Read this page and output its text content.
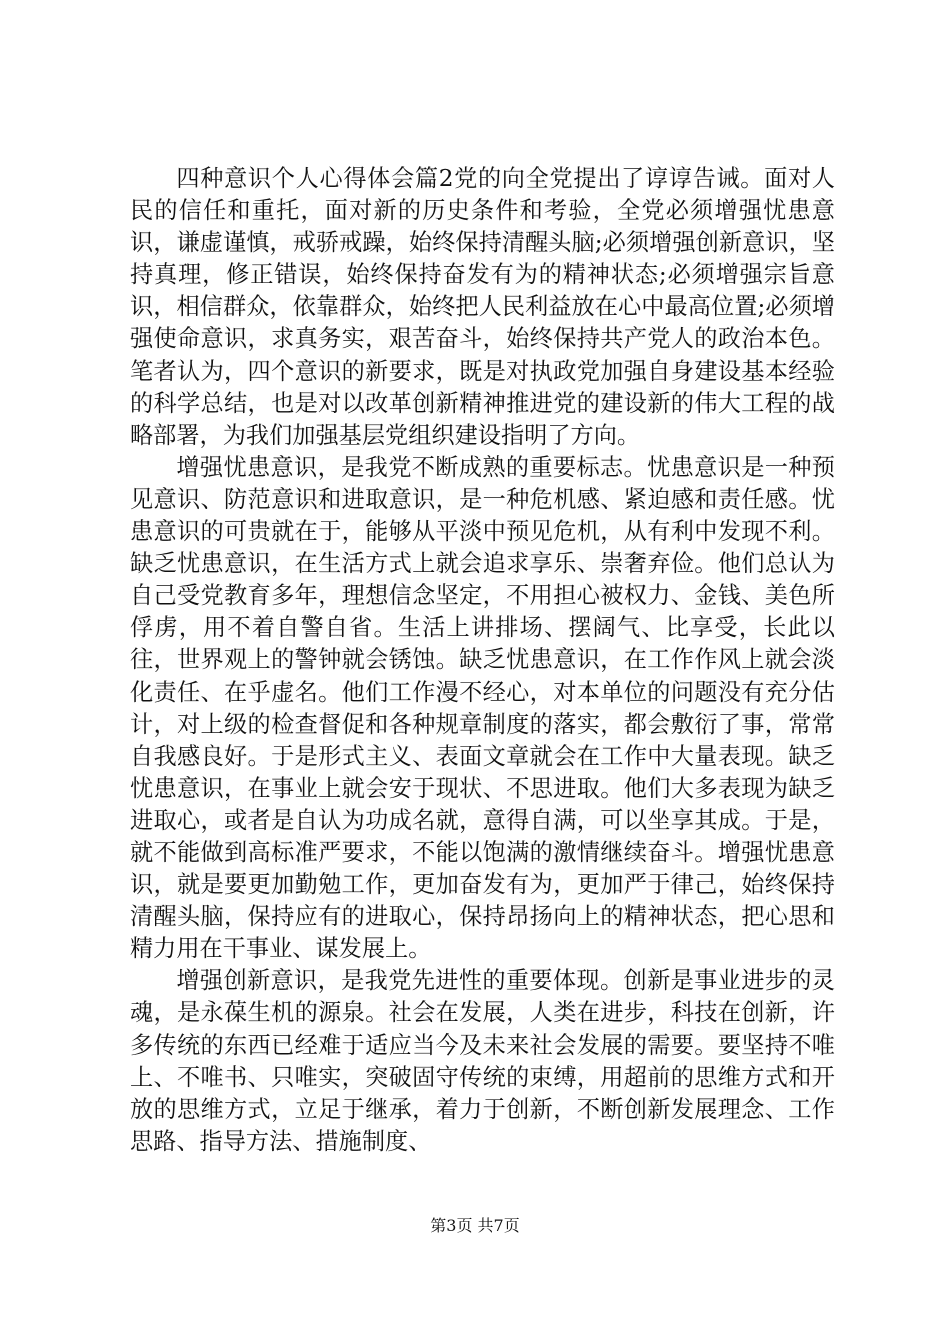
四种意识个人心得体会篇2党的向全党提出了谆谆告诫。面对人民的信任和重托，面对新的历史条件和考验，全党必须增强忧患意识，谦虚谨慎，戒骄戒躁，始终保持清醒头脑;必须增强创新意识，坚持真理，修正错误，始终保持奋发有为的精神状态;必须增强宗旨意识，相信群众，依靠群众，始终把人民利益放在心中最高位置;必须增强使命意识，求真务实，艰苦奋斗，始终保持共产党人的政治本色。笔者认为，四个意识的新要求，既是对执政党加强自身建设基本经验的科学总结，也是对以改革创新精神推进党的建设新的伟大工程的战略部署，为我们加强基层党组织建设指明了方向。

增强忧患意识，是我党不断成熟的重要标志。忧患意识是一种预见意识、防范意识和进取意识，是一种危机感、紧迫感和责任感。忧患意识的可贵就在于，能够从平淡中预见危机，从有利中发现不利。缺乏忧患意识，在生活方式上就会追求享乐、崇奢弃俭。他们总认为自己受党教育多年，理想信念坚定，不用担心被权力、金钱、美色所俘虏，用不着自警自省。生活上讲排场、摆阔气、比享受，长此以往，世界观上的警钟就会锈蚀。缺乏忧患意识，在工作作风上就会淡化责任、在乎虚名。他们工作漫不经心，对本单位的问题没有充分估计，对上级的检查督促和各种规章制度的落实，都会敷衍了事，常常自我感良好。于是形式主义、表面文章就会在工作中大量表现。缺乏忧患意识，在事业上就会安于现状、不思进取。他们大多表现为缺乏进取心，或者是自认为功成名就，意得自满，可以坐享其成。于是，就不能做到高标准严要求，不能以饱满的激情继续奋斗。增强忧患意识，就是要更加勤勉工作，更加奋发有为，更加严于律己，始终保持清醒头脑，保持应有的进取心，保持昂扬向上的精神状态，把心思和精力用在干事业、谋发展上。

增强创新意识，是我党先进性的重要体现。创新是事业进步的灵魂，是永葆生机的源泉。社会在发展，人类在进步，科技在创新，许多传统的东西已经难于适应当今及未来社会发展的需要。要坚持不唯上、不唯书、只唯实，突破固守传统的束缚，用超前的思维方式和开放的思维方式，立足于继承，着力于创新，不断创新发展理念、工作思路、指导方法、措施制度、

第3页 共7页
